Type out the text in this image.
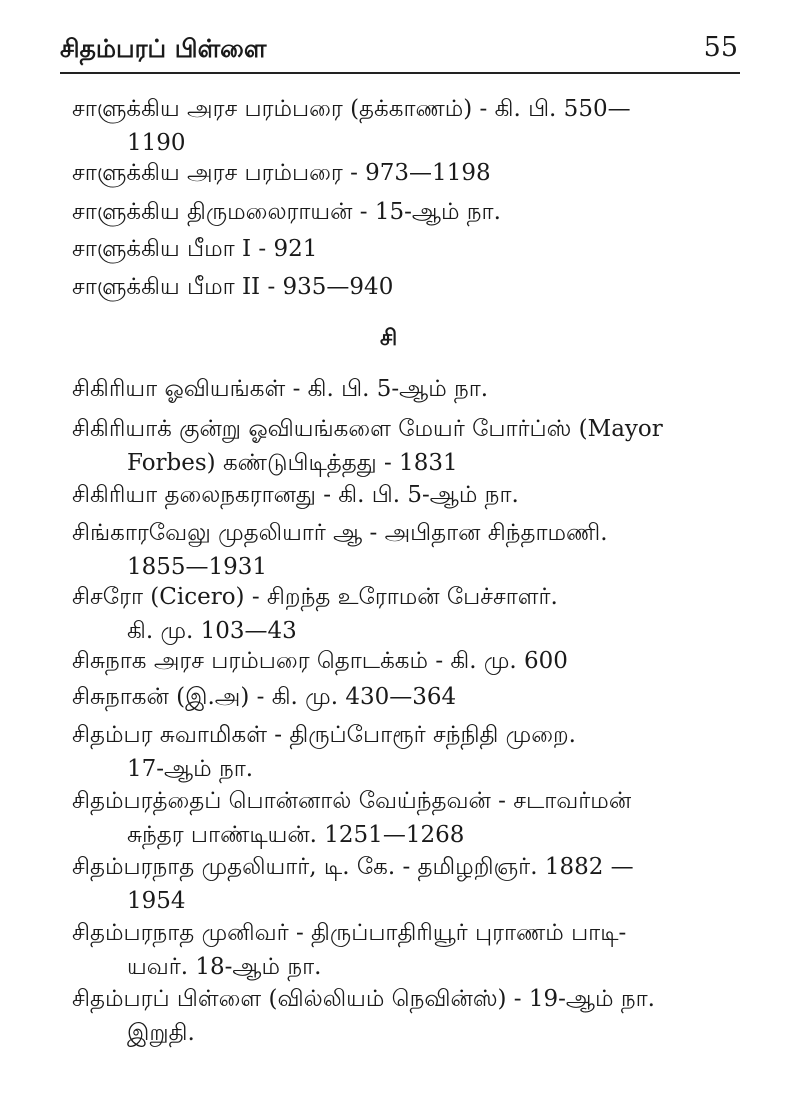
சிதம்பரப் பிள்ளை	55
சாளுக்கிய அரச பரம்பரை (தக்காணம்) - கி. பி. 550—
1190
சாளுக்கிய அரச பரம்பரை - 973—1198
சாளுக்கிய திருமலைராயன் - 15-ஆம் நா.
சாளுக்கிய பீமா I - 921
சாளுக்கிய பீமா II - 935—940
சி
சிகிரியா ஓவியங்கள் - கி. பி. 5-ஆம் நா.
சிகிரியாக் குன்று ஓவியங்களை மேயர் போர்ப்ஸ் (Mayor
Forbes) கண்டுபிடித்தது - 1831
சிகிரியா தலைநகரானது - கி. பி. 5-ஆம் நா.
சிங்காரவேலு முதலியார் ஆ - அபிதான சிந்தாமணி.
1855—1931
சிசரோ (Cicero) - சிறந்த உரோமன் பேச்சாளர்.
கி. மு. 103—43
சிசுநாக அரச பரம்பரை தொடக்கம் - கி. மு. 600
சிசுநாகன் (இ.அ) - கி. மு. 430—364
சிதம்பர சுவாமிகள் - திருப்போரூர் சந்நிதி முறை.
17-ஆம் நா.
சிதம்பரத்தைப் பொன்னால் வேய்ந்தவன் - சடாவர்மன்
சுந்தர பாண்டியன். 1251—1268
சிதம்பரநாத முதலியார், டி. கே. - தமிழறிஞர். 1882 —
1954
சிதம்பரநாத முனிவர் - திருப்பாதிரியூர் புராணம் பாடி-
யவர். 18-ஆம் நா.
சிதம்பரப் பிள்ளை (வில்லியம் நெவின்ஸ்) - 19-ஆம் நா.
இறுதி.
